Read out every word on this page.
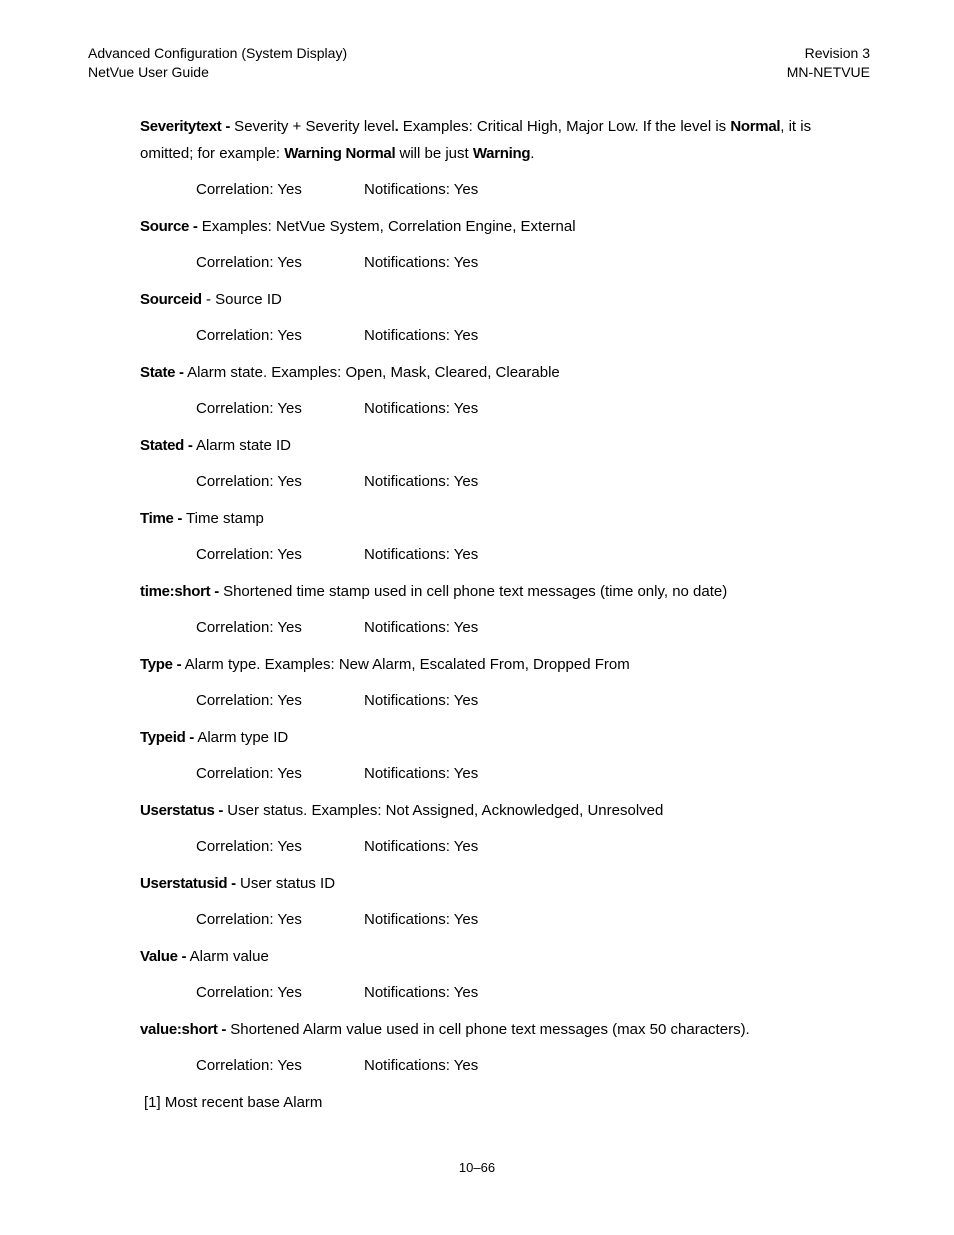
Advanced Configuration (System Display)
NetVue User Guide
Revision 3
MN-NETVUE
Severitytext - Severity + Severity level. Examples: Critical High, Major Low. If the level is Normal, it is omitted; for example: Warning Normal will be just Warning.
Correlation: Yes	Notifications: Yes
Source - Examples: NetVue System, Correlation Engine, External
Correlation: Yes	Notifications: Yes
Sourceid - Source ID
Correlation: Yes	Notifications: Yes
State - Alarm state. Examples: Open, Mask, Cleared, Clearable
Correlation: Yes	Notifications: Yes
Stated - Alarm state ID
Correlation: Yes	Notifications: Yes
Time - Time stamp
Correlation: Yes	Notifications: Yes
time:short - Shortened time stamp used in cell phone text messages (time only, no date)
Correlation: Yes	Notifications: Yes
Type - Alarm type. Examples: New Alarm, Escalated From, Dropped From
Correlation: Yes	Notifications: Yes
Typeid - Alarm type ID
Correlation: Yes	Notifications: Yes
Userstatus - User status. Examples: Not Assigned, Acknowledged, Unresolved
Correlation: Yes	Notifications: Yes
Userstatusid - User status ID
Correlation: Yes	Notifications: Yes
Value - Alarm value
Correlation: Yes	Notifications: Yes
value:short - Shortened Alarm value used in cell phone text messages (max 50 characters).
Correlation: Yes	Notifications: Yes
[1] Most recent base Alarm
10–66
